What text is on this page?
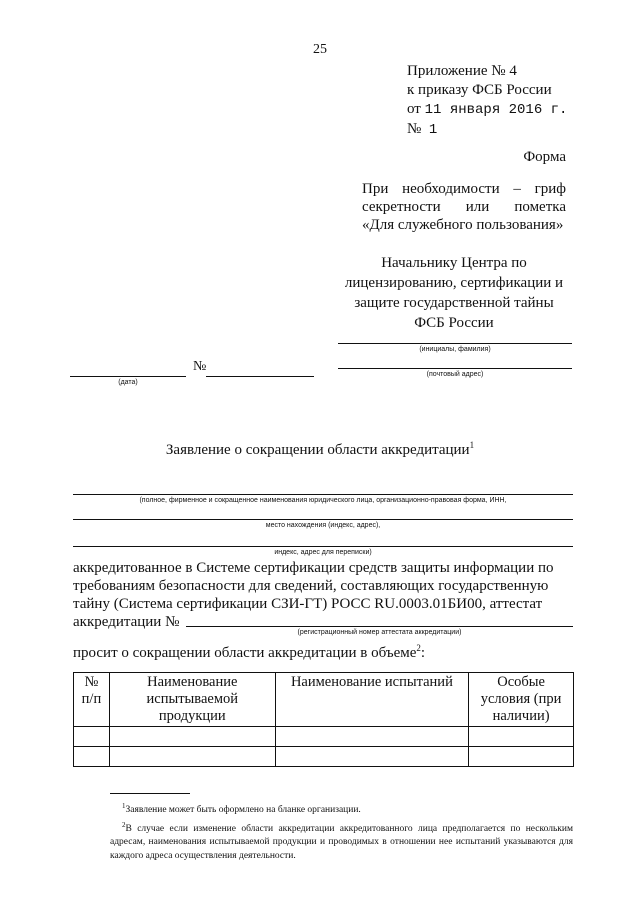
25
Приложение № 4
к приказу ФСБ России
от 11 января 2016 г.
№ 1
Форма
При необходимости – гриф
секретности или пометка
«Для служебного пользования»
Начальнику Центра по
лицензированию, сертификации и
защите государственной тайны
ФСБ России
(инициалы, фамилия)
№
(дата)
(почтовый адрес)
Заявление о сокращении области аккредитации$^1$
(полное, фирменное и сокращенное наименования юридического лица, организационно-правовая форма, ИНН,
место нахождения (индекс, адрес),
индекс, адрес для переписки)

аккредитованное в Системе сертификации средств защиты информации по

требованиям безопасности для сведений, составляющих государственную

тайну (Система сертификации СЗИ-ГТ) РОСС RU.0003.01БИ00, аттестат

аккредитации №

(регистрационный номер аттестата аккредитации)
просит о сокращении области аккредитации в объеме$^2$:
№ п/п	Наименование испытываемой продукции	Наименование испытаний	Особые условия (при наличии)

$^1$Заявление может быть оформлено на бланке организации.

$^2$В случае если изменение области аккредитации аккредитованного лица предполагается по нескольким адресам, наименования испытываемой продукции и проводимых в отношении нее испытаний указываются для каждого адреса осуществления деятельности.
